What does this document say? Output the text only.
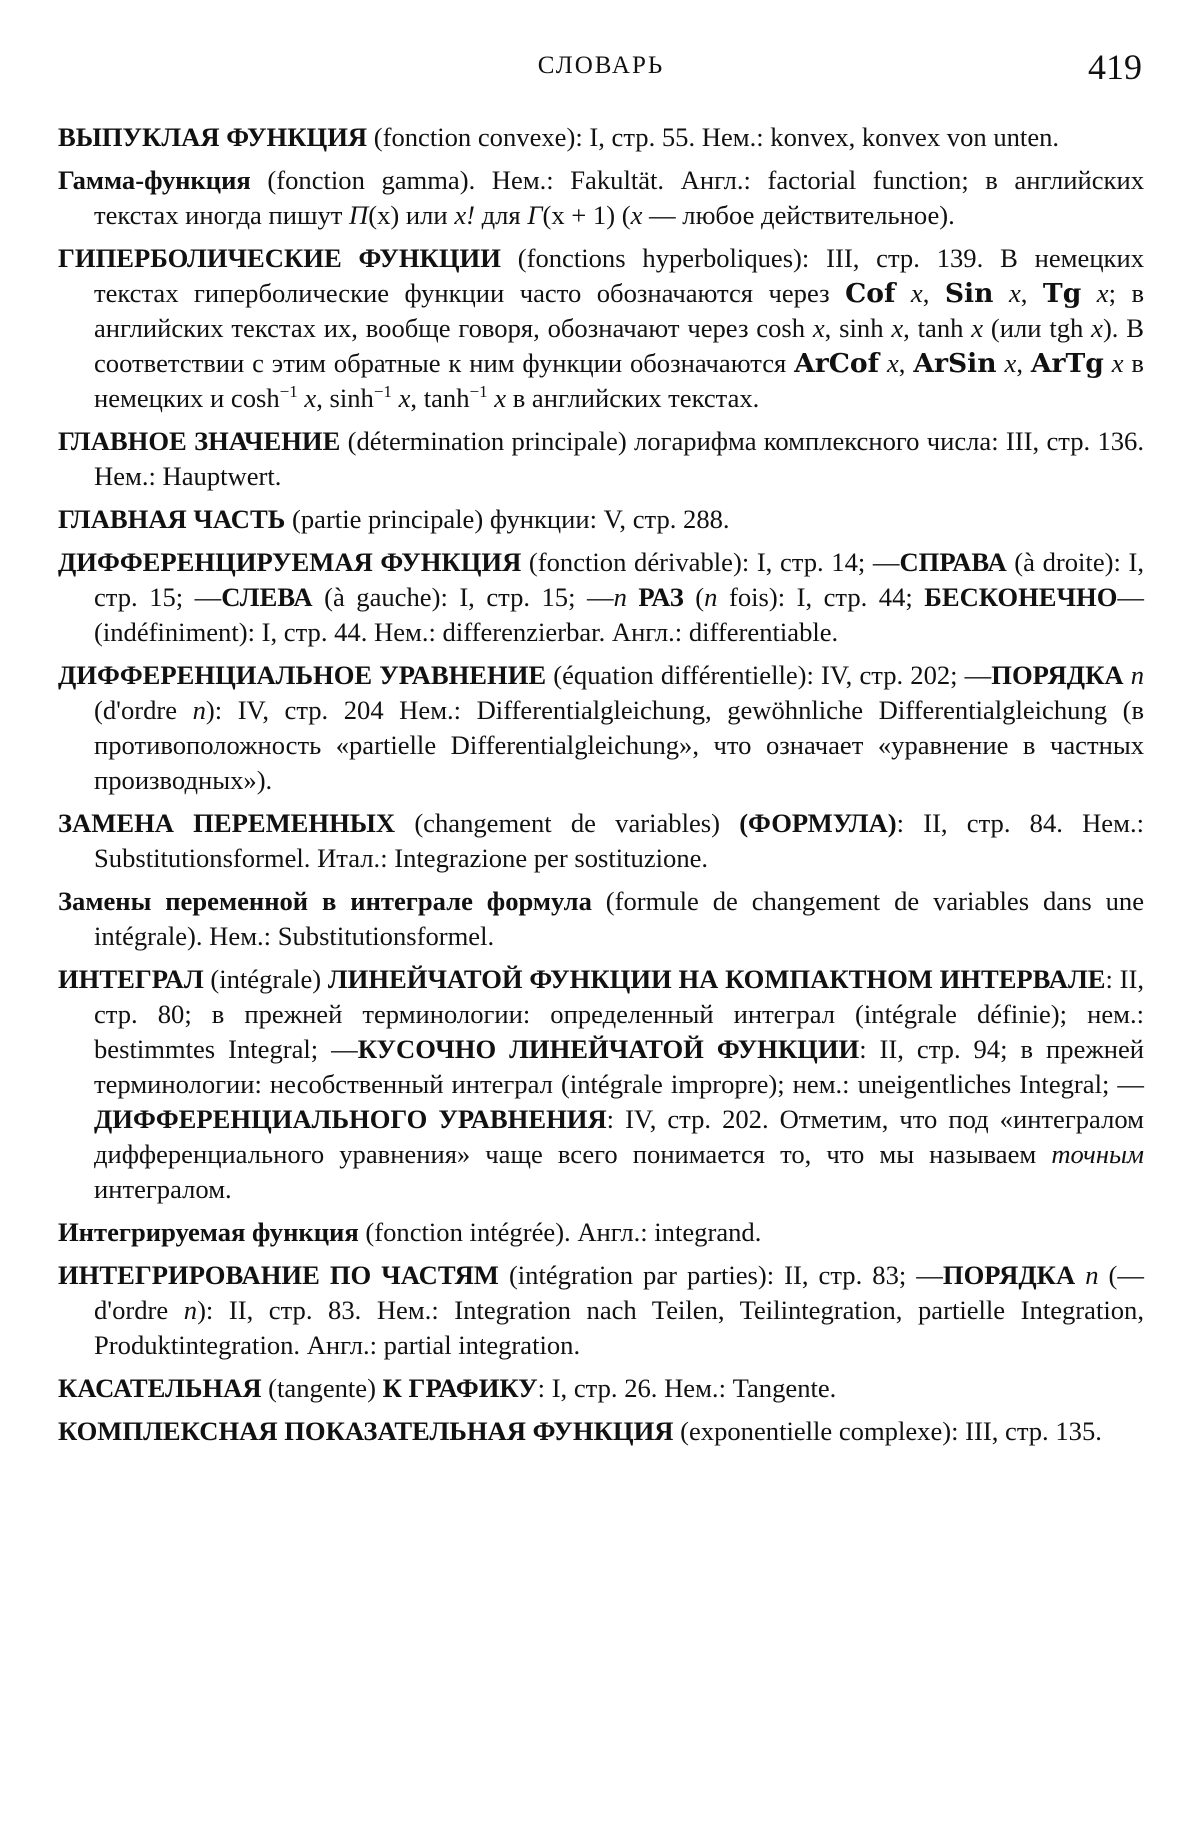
СЛОВАРЬ	419

ВЫПУКЛАЯ ФУНКЦИЯ (fonction convexe): I, стр. 55. Нем.: konvex, konvex von unten.

Гамма-функция (fonction gamma). Нем.: Fakultät. Англ.: factorial function; в английских текстах иногда пишут Π(x) или x! для Γ(x + 1) (x — любое действительное).

ГИПЕРБОЛИЧЕСКИЕ ФУНКЦИИ (fonctions hyperboliques): III, стр. 139. В немецких текстах гиперболические функции часто обозначаются через Cof x, Sin x, Tg x; в английских текстах их, вообще говоря, обозначают через cosh x, sinh x, tanh x (или tgh x). В соответствии с этим обратные к ним функции обозначаются ArCof x, ArSin x, ArTg x в немецких и $\cosh^{-1} x$, $\sinh^{-1} x$, $\tanh^{-1} x$ в английских текстах.

ГЛАВНОЕ ЗНАЧЕНИЕ (détermination principale) логарифма комплексного числа: III, стр. 136. Нем.: Hauptwert.

ГЛАВНАЯ ЧАСТЬ (partie principale) функции: V, стр. 288.

ДИФФЕРЕНЦИРУЕМАЯ ФУНКЦИЯ (fonction dérivable): I, стр. 14; —СПРАВА (à droite): I, стр. 15; —СЛЕВА (à gauche): I, стр. 15; —n РАЗ (n fois): I, стр. 44; БЕСКОНЕЧНО—(indéfiniment): I, стр. 44. Нем.: differenzierbar. Англ.: differentiable.

ДИФФЕРЕНЦИАЛЬНОЕ УРАВНЕНИЕ (équation différentielle): IV, стр. 202; —ПОРЯДКА n (d'ordre n): IV, стр. 204 Нем.: Differentialgleichung, gewöhnliche Differentialgleichung (в противоположность «partielle Differentialgleichung», что означает «уравнение в частных производных»).

ЗАМЕНА ПЕРЕМЕННЫХ (changement de variables) (ФОРМУЛА): II, стр. 84. Нем.: Substitutionsformel. Итал.: Integrazione per sostituzione.

Замены переменной в интеграле формула (formule de changement de variables dans une intégrale). Нем.: Substitutionsformel.

ИНТЕГРАЛ (intégrale) ЛИНЕЙЧАТОЙ ФУНКЦИИ НА КОМПАКТНОМ ИНТЕРВАЛЕ: II, стр. 80; в прежней терминологии: определенный интеграл (intégrale définie); нем.: bestimmtes Integral; —КУСОЧНО ЛИНЕЙЧАТОЙ ФУНКЦИИ: II, стр. 94; в прежней терминологии: несобственный интеграл (intégrale impropre); нем.: uneigentliches Integral; —ДИФФЕРЕНЦИАЛЬНОГО УРАВНЕНИЯ: IV, стр. 202. Отметим, что под «интегралом дифференциального уравнения» чаще всего понимается то, что мы называем точным интегралом.

Интегрируемая функция (fonction intégrée). Англ.: integrand.

ИНТЕГРИРОВАНИЕ ПО ЧАСТЯМ (intégration par parties): II, стр. 83; —ПОРЯДКА n (—d'ordre n): II, стр. 83. Нем.: Integration nach Teilen, Teilintegration, partielle Integration, Produktintegration. Англ.: partial integration.

КАСАТЕЛЬНАЯ (tangente) К ГРАФИКУ: I, стр. 26. Нем.: Tangente.

КОМПЛЕКСНАЯ ПОКАЗАТЕЛЬНАЯ ФУНКЦИЯ (exponentielle complexe): III, стр. 135.
